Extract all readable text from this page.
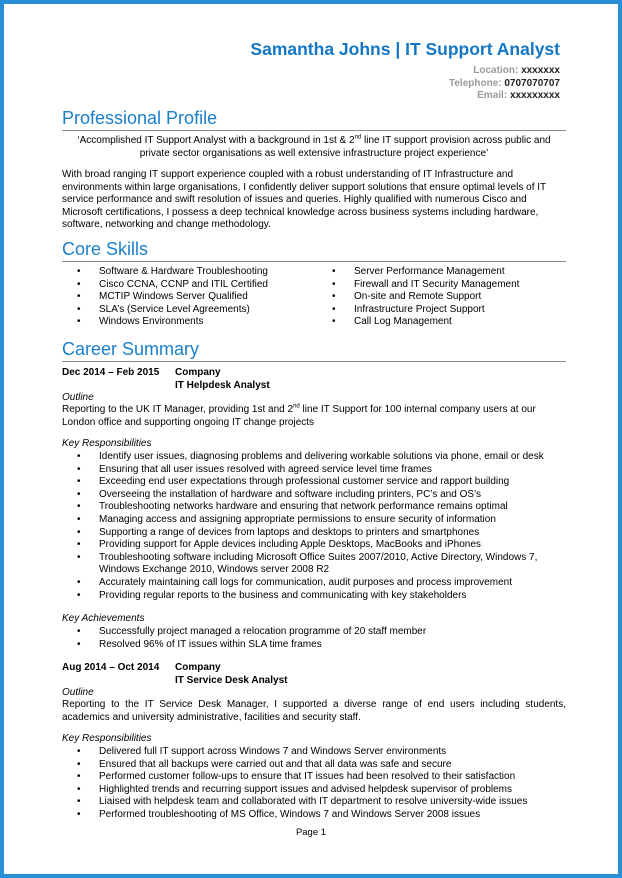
Samantha Johns | IT Support Analyst
Location: xxxxxxx
Telephone: 0707070707
Email: xxxxxxxxx
Professional Profile
‘Accomplished IT Support Analyst with a background in 1st & 2nd line IT support provision across public and private sector organisations as well extensive infrastructure project experience’
With broad ranging IT support experience coupled with a robust understanding of IT Infrastructure and environments within large organisations, I confidently deliver support solutions that ensure optimal levels of IT service performance and swift resolution of issues and queries. Highly qualified with numerous Cisco and Microsoft certifications, I possess a deep technical knowledge across business systems including hardware, software, networking and change methodology.
Core Skills
• Software & Hardware Troubleshooting
• Cisco CCNA, CCNP and ITIL Certified
• MCTIP Windows Server Qualified
• SLA’s (Service Level Agreements)
• Windows Environments
• Server Performance Management
• Firewall and IT Security Management
• On-site and Remote Support
• Infrastructure Project Support
• Call Log Management
Career Summary
Dec 2014 – Feb 2015 Company
IT Helpdesk Analyst
Outline
Reporting to the UK IT Manager, providing 1st and 2nd line IT Support for 100 internal company users at our London office and supporting ongoing IT change projects
Key Responsibilities
• Identify user issues, diagnosing problems and delivering workable solutions via phone, email or desk
• Ensuring that all user issues resolved with agreed service level time frames
• Exceeding end user expectations through professional customer service and rapport building
• Overseeing the installation of hardware and software including printers, PC’s and OS’s
• Troubleshooting networks hardware and ensuring that network performance remains optimal
• Managing access and assigning appropriate permissions to ensure security of information
• Supporting a range of devices from laptops and desktops to printers and smartphones
• Providing support for Apple devices including Apple Desktops, MacBooks and iPhones
• Troubleshooting software including Microsoft Office Suites 2007/2010, Active Directory, Windows 7, Windows Exchange 2010, Windows server 2008 R2
• Accurately maintaining call logs for communication, audit purposes and process improvement
• Providing regular reports to the business and communicating with key stakeholders
Key Achievements
• Successfully project managed a relocation programme of 20 staff member
• Resolved 96% of IT issues within SLA time frames
Aug 2014 – Oct 2014 Company
IT Service Desk Analyst
Outline
Reporting to the IT Service Desk Manager, I supported a diverse range of end users including students, academics and university administrative, facilities and security staff.
Key Responsibilities
• Delivered full IT support across Windows 7 and Windows Server environments
• Ensured that all backups were carried out and that all data was safe and secure
• Performed customer follow-ups to ensure that IT issues had been resolved to their satisfaction
• Highlighted trends and recurring support issues and advised helpdesk supervisor of problems
• Liaised with helpdesk team and collaborated with IT department to resolve university-wide issues
• Performed troubleshooting of MS Office, Windows 7 and Windows Server 2008 issues
Page 1
